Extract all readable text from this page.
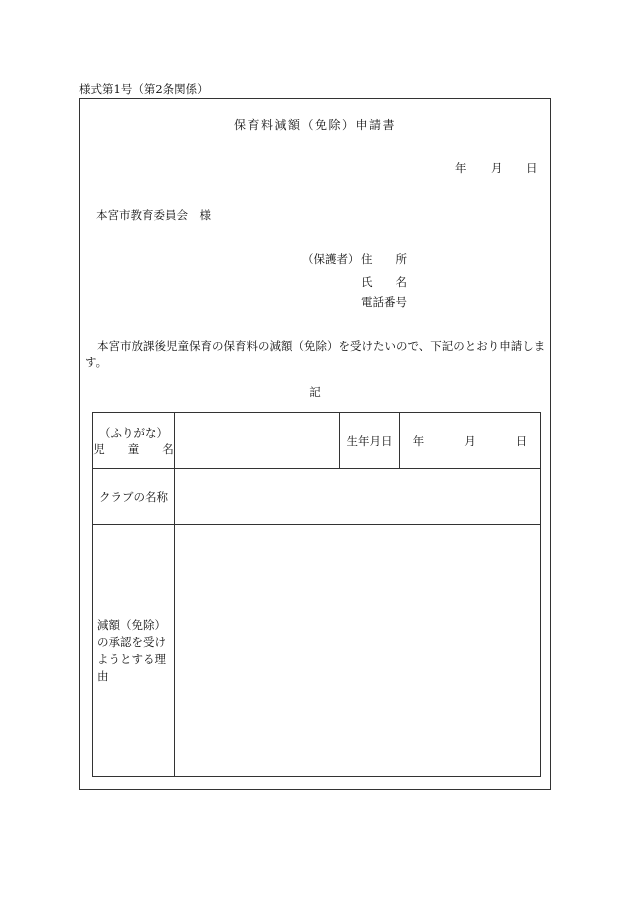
様式第1号（第2条関係）
保育料減額（免除）申請書
年 月 日
本宮市教育委員会　様
（保護者） 住　　所
氏　　名
電話番号
本宮市放課後児童保育の保育料の減額（免除）を受けたいので、下記のとおり申請します。
記
（ふりがな）
児　　童　　名		生年月日	年 月 日
クラブの名称			
減額（免除）の承認を受けようとする理由			
